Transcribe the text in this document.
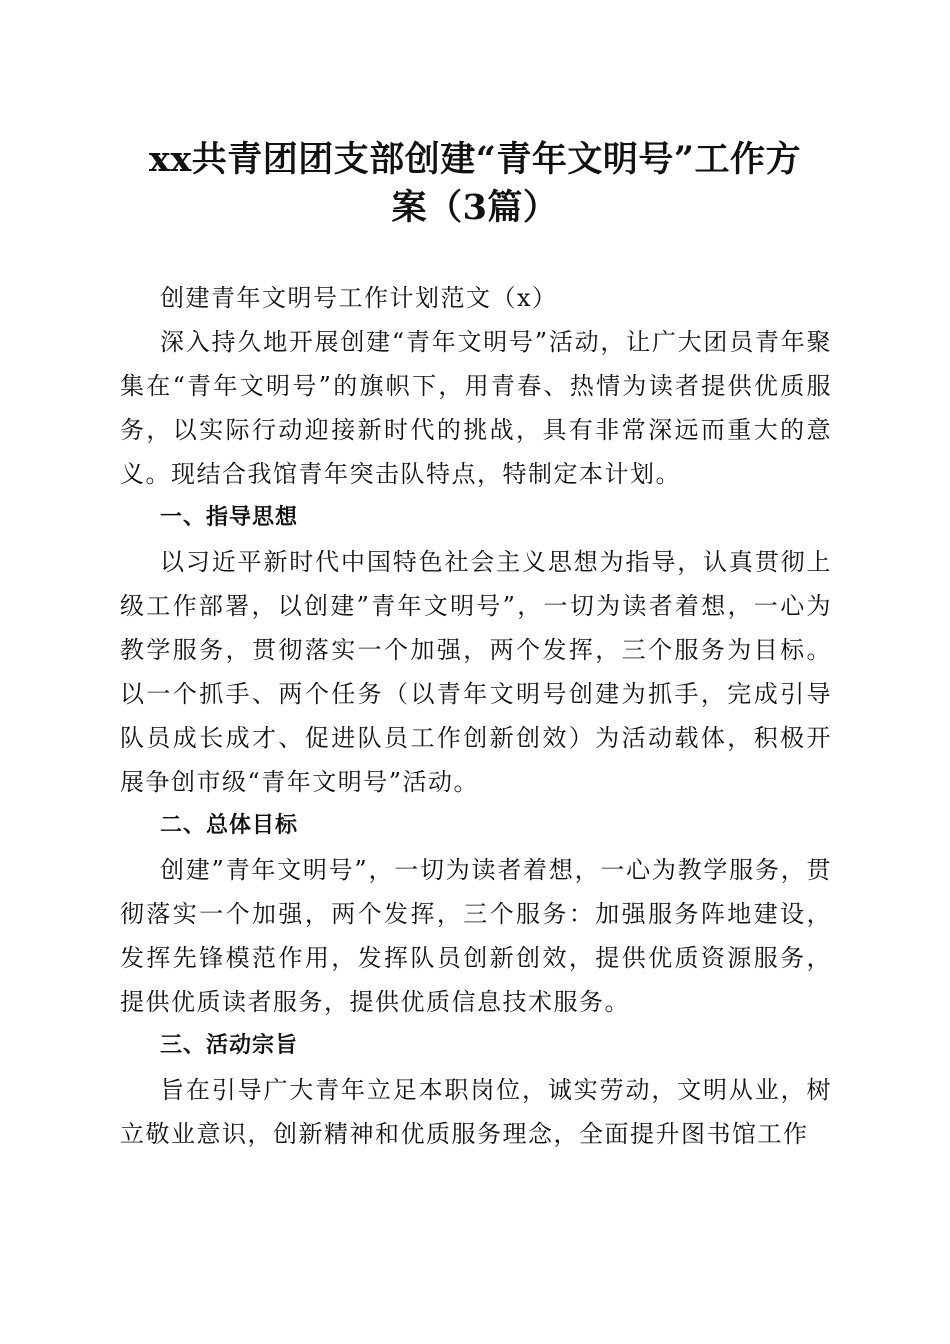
xx共青团团支部创建“青年文明号”工作方
案（3篇）

创建青年文明号工作计划范文（x）

深入持久地开展创建“青年文明号”活动，让广大团员青年聚集在“青年文明号”的旗帜下，用青春、热情为读者提供优质服务，以实际行动迎接新时代的挑战，具有非常深远而重大的意义。现结合我馆青年突击队特点，特制定本计划。

一、指导思想

以习近平新时代中国特色社会主义思想为指导，认真贯彻上级工作部署，以创建”青年文明号”，一切为读者着想，一心为教学服务，贯彻落实一个加强，两个发挥，三个服务为目标。以一个抓手、两个任务（以青年文明号创建为抓手，完成引导队员成长成才、促进队员工作创新创效）为活动载体，积极开展争创市级“青年文明号”活动。

二、总体目标

创建”青年文明号”，一切为读者着想，一心为教学服务，贯彻落实一个加强，两个发挥，三个服务：加强服务阵地建设，发挥先锋模范作用，发挥队员创新创效，提供优质资源服务，提供优质读者服务，提供优质信息技术服务。

三、活动宗旨

旨在引导广大青年立足本职岗位，诚实劳动，文明从业，树立敬业意识，创新精神和优质服务理念，全面提升图书馆工作
